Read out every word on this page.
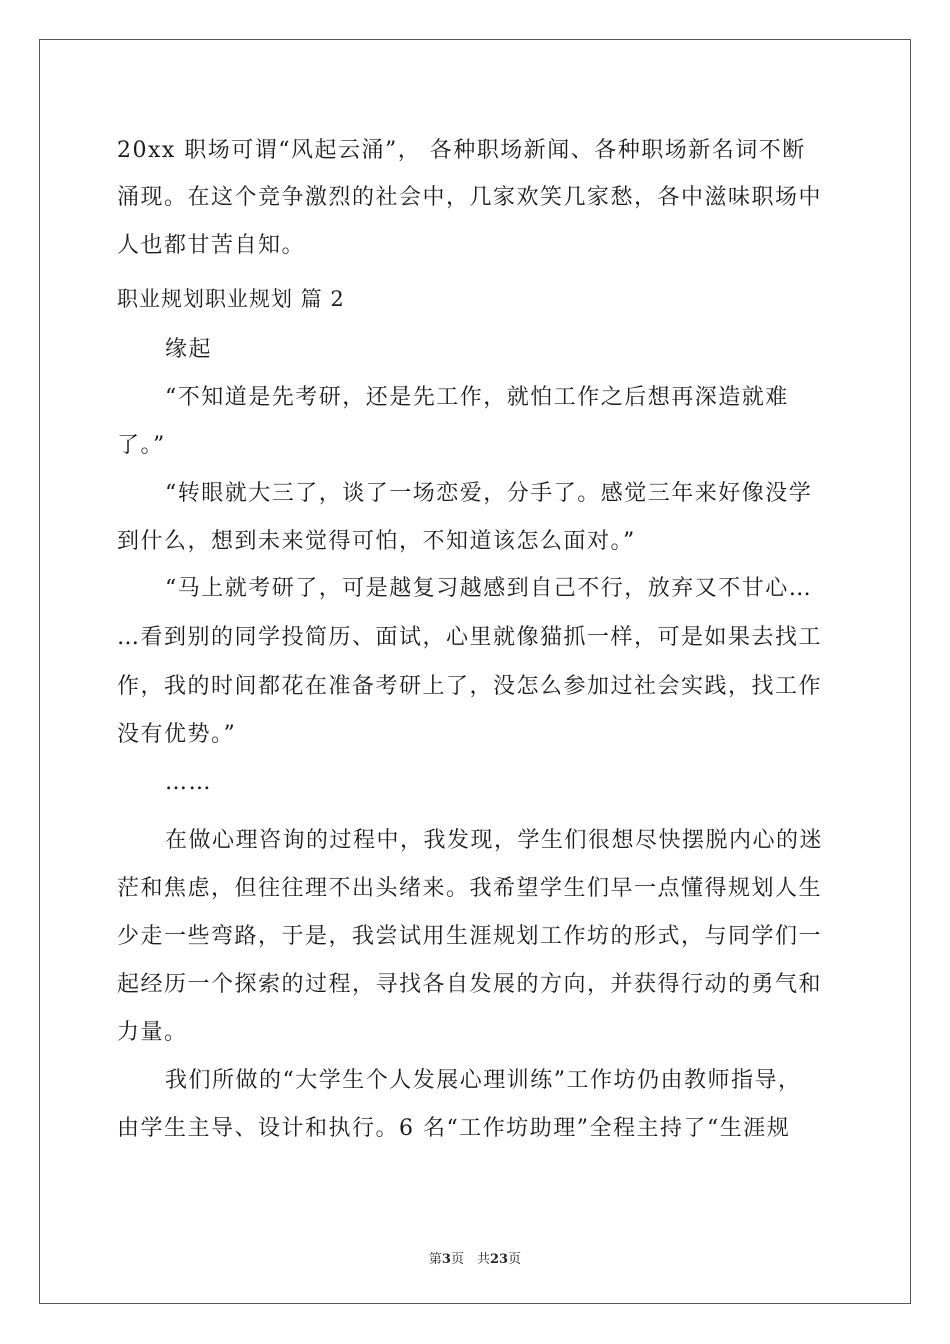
20xx 职场可谓“风起云涌”， 各种职场新闻、各种职场新名词不断
涌现。在这个竞争激烈的社会中，几家欢笑几家愁，各中滋味职场中
人也都甘苦自知。
职业规划职业规划 篇 2
缘起
“不知道是先考研，还是先工作，就怕工作之后想再深造就难
了。”
“转眼就大三了，谈了一场恋爱，分手了。感觉三年来好像没学
到什么，想到未来觉得可怕，不知道该怎么面对。”
“马上就考研了，可是越复习越感到自己不行，放弃又不甘心…
…看到别的同学投简历、面试，心里就像猫抓一样，可是如果去找工
作，我的时间都花在准备考研上了，没怎么参加过社会实践，找工作
没有优势。”
……
在做心理咨询的过程中，我发现，学生们很想尽快摆脱内心的迷
茫和焦虑，但往往理不出头绪来。我希望学生们早一点懂得规划人生
少走一些弯路，于是，我尝试用生涯规划工作坊的形式，与同学们一
起经历一个探索的过程，寻找各自发展的方向，并获得行动的勇气和
力量。
我们所做的“大学生个人发展心理训练”工作坊仍由教师指导，
由学生主导、设计和执行。6 名“工作坊助理”全程主持了“生涯规
第3页　共23页
